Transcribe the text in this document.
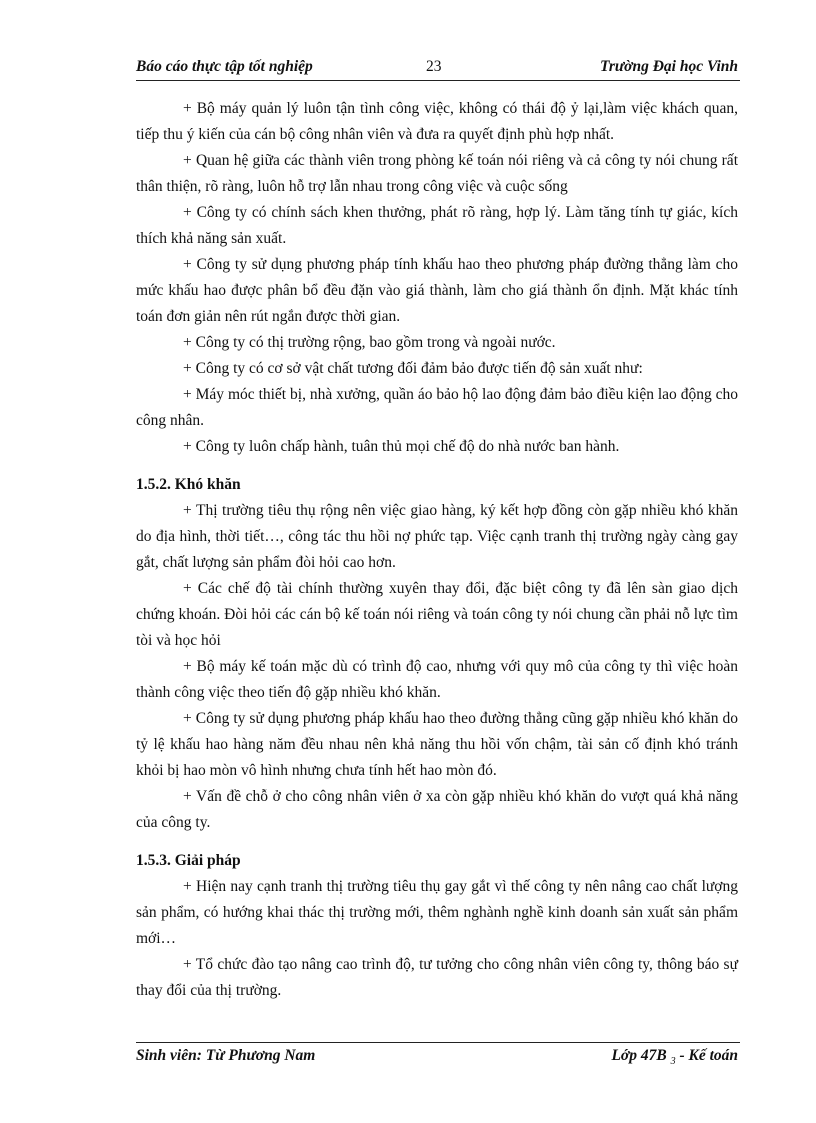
Báo cáo thực tập tốt nghiệp	23	Trường Đại học Vinh

+ Bộ máy quản lý luôn tận tình công việc, không có thái độ ỷ lại,làm việc khách quan, tiếp thu ý kiến của cán bộ công nhân viên và đưa ra quyết định phù hợp nhất.

+ Quan hệ giữa các thành viên trong phòng kế toán nói riêng và cả công ty nói chung rất thân thiện, rõ ràng, luôn hỗ trợ lẫn nhau trong công việc và cuộc sống

+ Công ty có chính sách khen thưởng, phát rõ ràng, hợp lý. Làm tăng tính tự giác, kích thích khả năng sản xuất.

+ Công ty sử dụng phương pháp tính khấu hao theo phương pháp đường thẳng làm cho mức khấu hao được phân bổ đều đặn vào giá thành, làm cho giá thành ổn định. Mặt khác tính toán đơn giản nên rút ngắn được thời gian.

+ Công ty có thị trường rộng, bao gồm trong và ngoài nước.

+ Công ty có cơ sở vật chất tương đối đảm bảo được tiến độ sản xuất như:

+ Máy móc thiết bị, nhà xưởng, quần áo bảo hộ lao động đảm bảo điều kiện lao động cho công nhân.

+ Công ty luôn chấp hành, tuân thủ mọi chế độ do nhà nước ban hành.

1.5.2. Khó khăn

+ Thị trường tiêu thụ rộng nên việc giao hàng, ký kết hợp đồng còn gặp nhiều khó khăn do địa hình, thời tiết…, công tác thu hồi nợ phức tạp. Việc cạnh tranh thị trường ngày càng gay gắt, chất lượng sản phẩm đòi hỏi cao hơn.

+ Các chế độ tài chính thường xuyên thay đổi, đặc biệt công ty đã lên sàn giao dịch chứng khoán. Đòi hỏi các cán bộ kế toán nói riêng và toán công ty nói chung cần phải nỗ lực tìm tòi và học hỏi

+ Bộ máy kế toán mặc dù có trình độ cao, nhưng với quy mô của công ty thì việc hoàn thành công việc theo tiến độ gặp nhiều khó khăn.

+ Công ty sử dụng phương pháp khấu hao theo đường thẳng cũng gặp nhiều khó khăn do tỷ lệ khấu hao hàng năm đều nhau nên khả năng thu hồi vốn chậm, tài sản cố định khó tránh khỏi bị hao mòn vô hình nhưng chưa tính hết hao mòn đó.

+ Vấn đề chỗ ở cho công nhân viên ở xa còn gặp nhiều khó khăn do vượt quá khả năng của công ty.

1.5.3. Giải pháp

+ Hiện nay cạnh tranh thị trường tiêu thụ gay gắt vì thế công ty nên nâng cao chất lượng sản phẩm, có hướng khai thác thị trường mới, thêm nghành nghề kinh doanh sản xuất sản phẩm mới…

+ Tổ chức đào tạo nâng cao trình độ, tư tưởng cho công nhân viên công ty, thông báo sự thay đổi của thị trường.

Sinh viên: Từ Phương Nam	Lớp 47B $_3$ - Kế toán
